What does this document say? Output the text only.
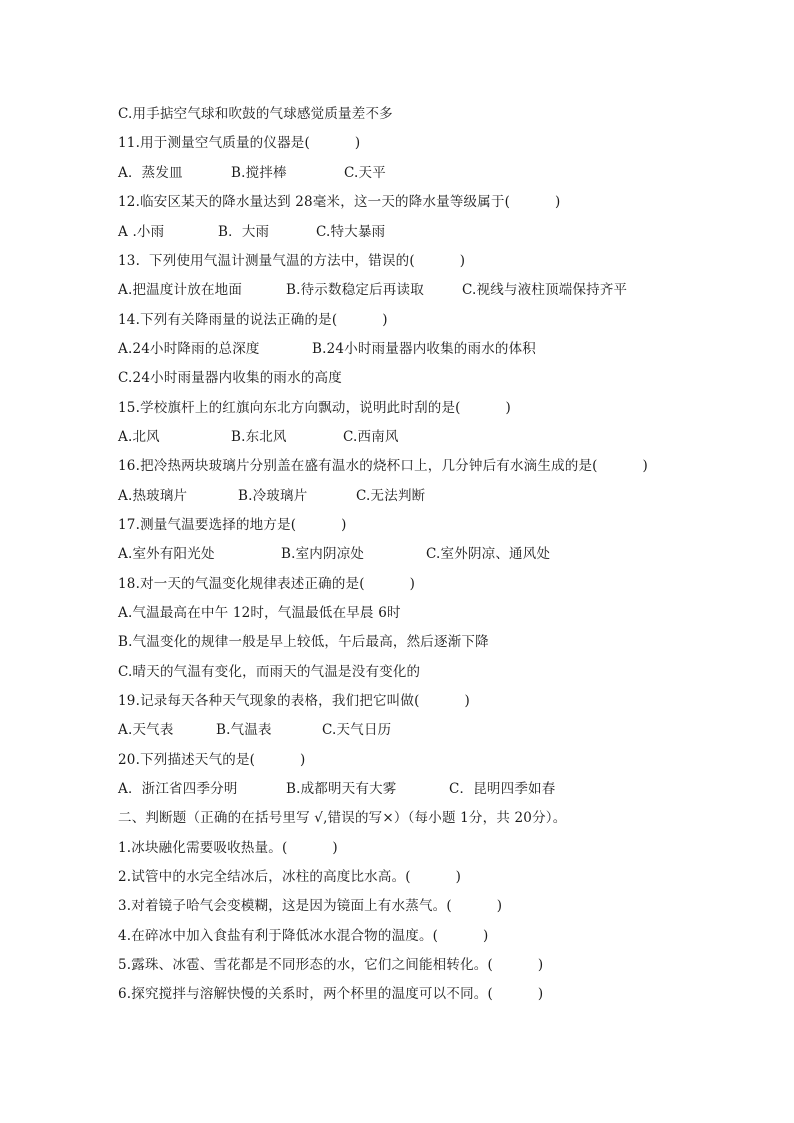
C.用手掂空气球和吹鼓的气球感觉质量差不多
11.用于测量空气质量的仪器是(          )
A．蒸发皿	B.搅拌棒	C.天平
12.临安区某天的降水量达到 28毫米，这一天的降水量等级属于(          )
A .小雨	B．大雨	C.特大暴雨
13.  下列使用气温计测量气温的方法中，错误的(          )
A.把温度计放在地面	B.待示数稳定后再读取	C.视线与液柱顶端保持齐平
14.下列有关降雨量的说法正确的是(          )
A.24小时降雨的总深度	B.24小时雨量器内收集的雨水的体积
C.24小时雨量器内收集的雨水的高度
15.学校旗杆上的红旗向东北方向飘动，说明此时刮的是(          )
A.北风	B.东北风	C.西南风
16.把冷热两块玻璃片分别盖在盛有温水的烧杯口上，几分钟后有水滴生成的是(          )
A.热玻璃片	B.冷玻璃片	C.无法判断
17.测量气温要选择的地方是(          )
A.室外有阳光处	B.室内阴凉处	C.室外阴凉、通风处
18.对一天的气温变化规律表述正确的是(          )
A.气温最高在中午 12时，气温最低在早晨 6时
B.气温变化的规律一般是早上较低，午后最高，然后逐渐下降
C.晴天的气温有变化，而雨天的气温是没有变化的
19.记录每天各种天气现象的表格，我们把它叫做(          )
A.天气表	B.气温表	C.天气日历
20.下列描述天气的是(          )
A．浙江省四季分明	B.成都明天有大雾	C．昆明四季如春
二、判断题（正确的在括号里写 √,错误的写×）（每小题 1分，共 20分）。
1.冰块融化需要吸收热量。(          )
2.试管中的水完全结冰后，冰柱的高度比水高。(          )
3.对着镜子哈气会变模糊，这是因为镜面上有水蒸气。(          )
4.在碎冰中加入食盐有利于降低冰水混合物的温度。(          )
5.露珠、冰雹、雪花都是不同形态的水，它们之间能相转化。(          )
6.探究搅拌与溶解快慢的关系时，两个杯里的温度可以不同。(          )
